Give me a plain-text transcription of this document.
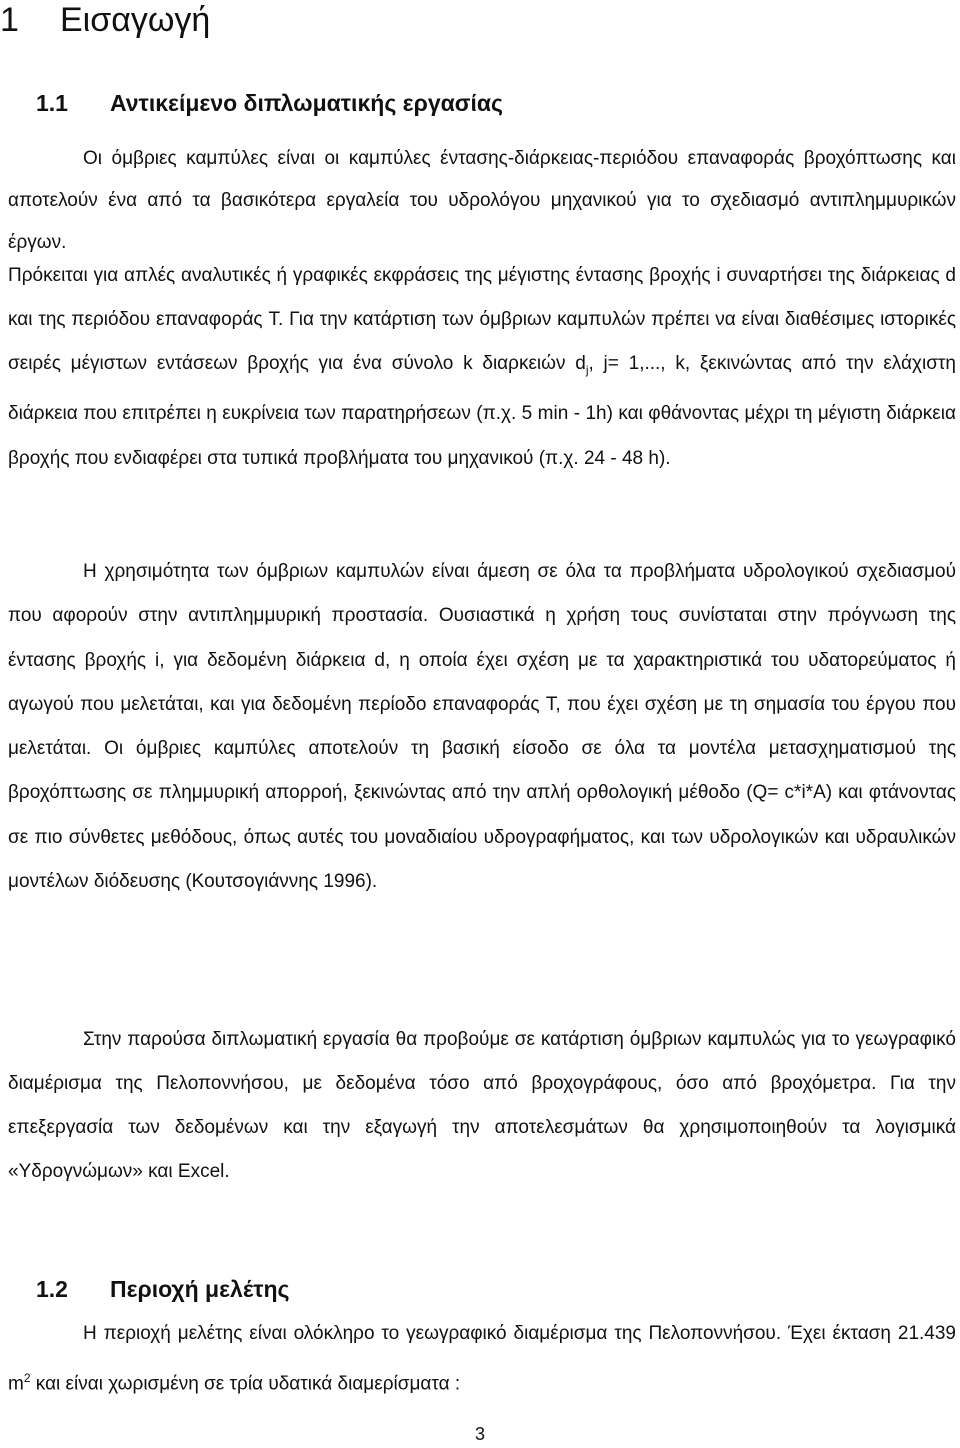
1 Εισαγωγή
1.1 Αντικείμενο διπλωματικής εργασίας

Οι όμβριες καμπύλες είναι οι καμπύλες έντασης-διάρκειας-περιόδου επαναφοράς βροχόπτωσης και αποτελούν ένα από τα βασικότερα εργαλεία του υδρολόγου μηχανικού για το σχεδιασμό αντιπλημμυρικών έργων.

Πρόκειται για απλές αναλυτικές ή γραφικές εκφράσεις της μέγιστης έντασης βροχής i συναρτήσει της διάρκειας d και της περιόδου επαναφοράς T. Για την κατάρτιση των όμβριων καμπυλών πρέπει να είναι διαθέσιμες ιστορικές σειρές μέγιστων εντάσεων βροχής για ένα σύνολο k διαρκειών $d_j$, j= 1,..., k, ξεκινώντας από την ελάχιστη διάρκεια που επιτρέπει η ευκρίνεια των παρατηρήσεων (π.χ. 5 min - 1h) και φθάνοντας μέχρι τη μέγιστη διάρκεια βροχής που ενδιαφέρει στα τυπικά προβλήματα του μηχανικού (π.χ. 24 - 48 h).

Η χρησιμότητα των όμβριων καμπυλών είναι άμεση σε όλα τα προβλήματα υδρολογικού σχεδιασμού που αφορούν στην αντιπλημμυρική προστασία. Ουσιαστικά η χρήση τους συνίσταται στην πρόγνωση της έντασης βροχής i, για δεδομένη διάρκεια d, η οποία έχει σχέση με τα χαρακτηριστικά του υδατορεύματος ή αγωγού που μελετάται, και για δεδομένη περίοδο επαναφοράς T, που έχει σχέση με τη σημασία του έργου που μελετάται. Οι όμβριες καμπύλες αποτελούν τη βασική είσοδο σε όλα τα μοντέλα μετασχηματισμού της βροχόπτωσης σε πλημμυρική απορροή, ξεκινώντας από την απλή ορθολογική μέθοδο (Q= c*i*A) και φτάνοντας σε πιο σύνθετες μεθόδους, όπως αυτές του μοναδιαίου υδρογραφήματος, και των υδρολογικών και υδραυλικών μοντέλων διόδευσης (Κουτσογιάννης 1996).

Στην παρούσα διπλωματική εργασία θα προβούμε σε κατάρτιση όμβριων καμπυλώς για το γεωγραφικό διαμέρισμα της Πελοποννήσου, με δεδομένα τόσο από βροχογράφους, όσο από βροχόμετρα. Για την επεξεργασία των δεδομένων και την εξαγωγή την αποτελεσμάτων θα χρησιμοποιηθούν τα λογισμικά «Υδρογνώμων» και Excel.

1.2 Περιοχή μελέτης

Η περιοχή μελέτης είναι ολόκληρο το γεωγραφικό διαμέρισμα της Πελοποννήσου. Έχει έκταση 21.439 $m^2$ και είναι χωρισμένη σε τρία υδατικά διαμερίσματα :

3
